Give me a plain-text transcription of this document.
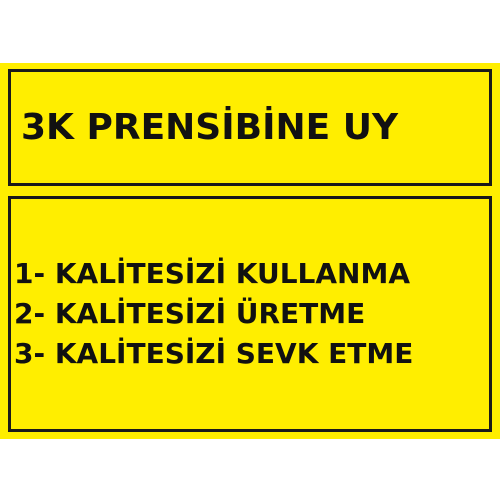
3K PRENSİBİNE UY
1- KALİTESİZİ KULLANMA
2- KALİTESİZİ ÜRETME
3- KALİTESİZİ SEVK ETME
